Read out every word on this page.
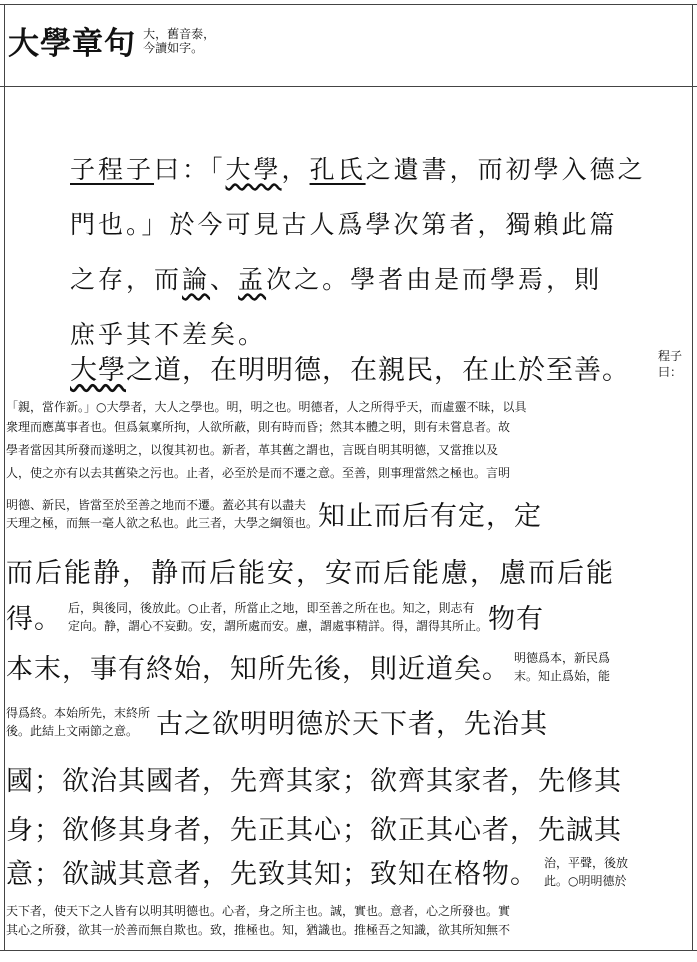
大學章句 大，舊音泰，
今讀如字。
子程子曰：「大學，孔氏之遺書，而初學入德之
門也。」於今可見古人爲學次第者，獨賴此篇
之存，而論、孟次之。學者由是而學焉，則
庶乎其不差矣。
大學之道，在明明德，在親民，在止於至善。 程子
曰：
「親，當作新。」○大學者，大人之學也。明，明之也。明德者，人之所得乎天，而虛靈不昧，以具
衆理而應萬事者也。但爲氣稟所拘，人欲所蔽，則有時而昏；然其本體之明，則有未嘗息者。故
學者當因其所發而遂明之，以復其初也。新者，革其舊之謂也，言既自明其明德，又當推以及
人，使之亦有以去其舊染之污也。止者，必至於是而不遷之意。至善，則事理當然之極也。言明
明德、新民，皆當至於至善之地而不遷。蓋必其有以盡夫
天理之極，而無一毫人欲之私也。此三者，大學之綱領也。知止而后有定，定
而后能静，静而后能安，安而后能慮，慮而后能
得。 后，與後同，後放此。○止者，所當止之地，即至善之所在也。知之，則志有
定向。静，謂心不妄動。安，謂所處而安。慮，謂處事精詳。得，謂得其所止。物有
本末，事有終始，知所先後，則近道矣。 明德爲本，新民爲
末。知止爲始，能
得爲終。本始所先，末終所
後。此結上文兩節之意。 古之欲明明德於天下者，先治其
國；欲治其國者，先齊其家；欲齊其家者，先修其
身；欲修其身者，先正其心；欲正其心者，先誠其
意；欲誠其意者，先致其知；致知在格物。 治，平聲，後放
此。○明明德於
天下者，使天下之人皆有以明其明德也。心者，身之所主也。誠，實也。意者，心之所發也。實
其心之所發，欲其一於善而無自欺也。致，推極也。知，猶識也。推極吾之知識，欲其所知無不
